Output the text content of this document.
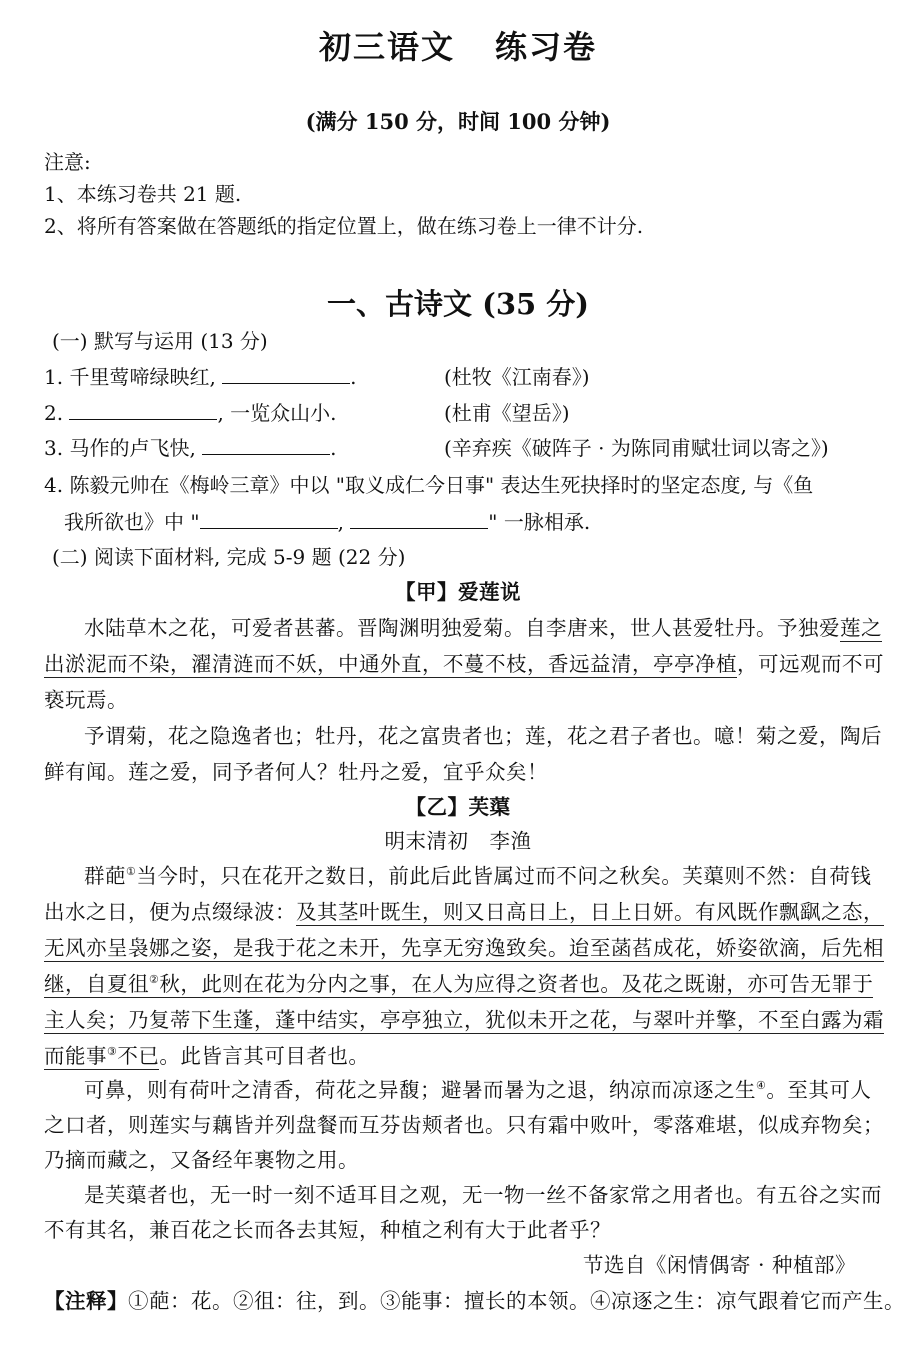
初三语文 练习卷
(满分 150 分，时间 100 分钟)
注意:
1、本练习卷共 21 题.
2、将所有答案做在答题纸的指定位置上，做在练习卷上一律不计分.
一、古诗文 (35 分)
(一) 默写与运用 (13 分)
1. 千里莺啼绿映红,	.	(杜牧《江南春》)
2.	, 一览众山小.	(杜甫《望岳》)
3. 马作的卢飞快,	.	(辛弃疾《破阵子 · 为陈同甫赋壮词以寄之》)
4. 陈毅元帅在《梅岭三章》中以 "取义成仁今日事" 表达生死抉择时的坚定态度, 与《鱼
我所欲也》中 "	,	" 一脉相承.
(二) 阅读下面材料, 完成 5-9 题 (22 分)
【甲】爱莲说
水陆草木之花，可爱者甚蕃。晋陶渊明独爱菊。自李唐来，世人甚爱牡丹。予独爱莲之
出淤泥而不染，濯清涟而不妖，中通外直，不蔓不枝，香远益清，亭亭净植，可远观而不可
亵玩焉。
予谓菊，花之隐逸者也；牡丹，花之富贵者也；莲，花之君子者也。噫！菊之爱，陶后
鲜有闻。莲之爱，同予者何人？牡丹之爱，宜乎众矣！
【乙】芙蕖
明末清初　李渔
群葩①当今时，只在花开之数日，前此后此皆属过而不问之秋矣。芙蕖则不然：自荷钱
出水之日，便为点缀绿波：及其茎叶既生，则又日高日上，日上日妍。有风既作飘飖之态，
无风亦呈袅娜之姿，是我于花之未开，先享无穷逸致矣。迨至菡萏成花，娇姿欲滴，后先相
继，自夏徂②秋，此则在花为分内之事，在人为应得之资者也。及花之既谢，亦可告无罪于
主人矣；乃复蒂下生蓬，蓬中结实，亭亭独立，犹似未开之花，与翠叶并擎，不至白露为霜
而能事③不已。此皆言其可目者也。
可鼻，则有荷叶之清香，荷花之异馥；避暑而暑为之退，纳凉而凉逐之生④。至其可人
之口者，则莲实与藕皆并列盘餐而互芬齿颊者也。只有霜中败叶，零落难堪，似成弃物矣；
乃摘而藏之，又备经年裹物之用。
是芙蕖者也，无一时一刻不适耳目之观，无一物一丝不备家常之用者也。有五谷之实而
不有其名，兼百花之长而各去其短，种植之利有大于此者乎？
节选自《闲情偶寄 · 种植部》
【注释】①葩：花。②徂：往，到。③能事：擅长的本领。④凉逐之生：凉气跟着它而产生。
